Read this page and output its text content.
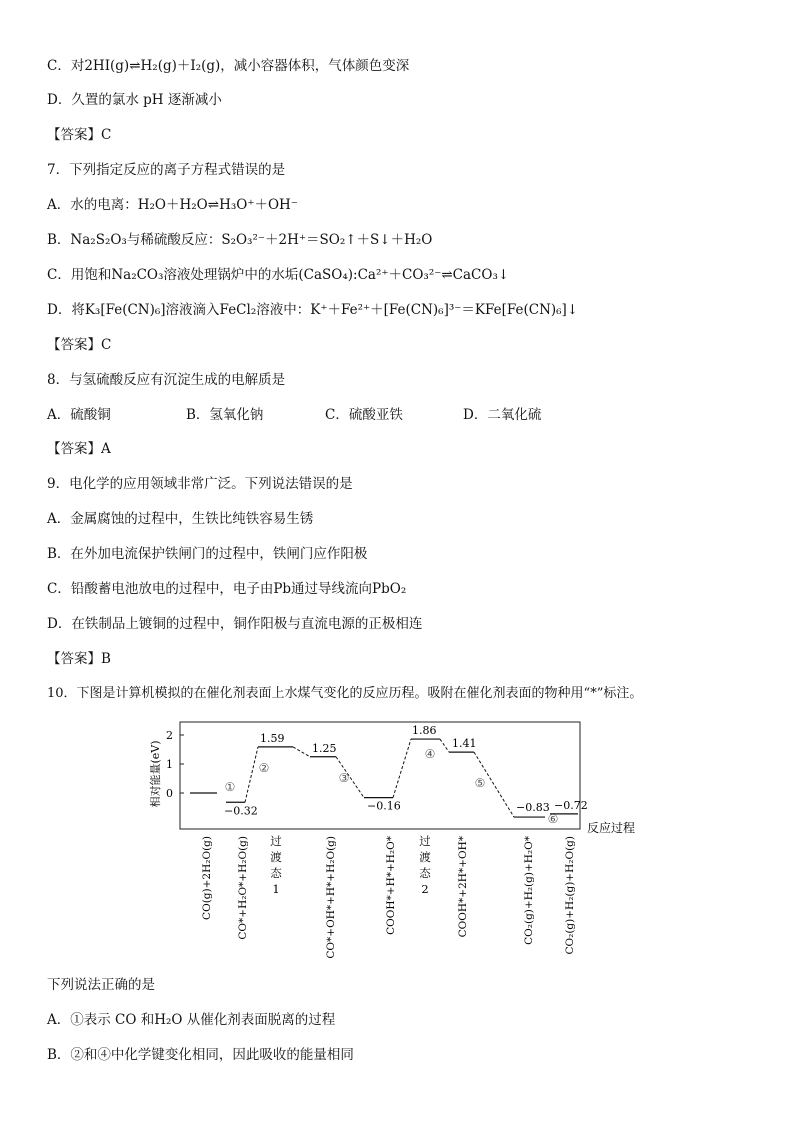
C．对2HI(g)⇌H₂(g)＋I₂(g)，减小容器体积，气体颜色变深
D．久置的氯水 pH 逐渐减小
【答案】C
7．下列指定反应的离子方程式错误的是
A．水的电离：H₂O＋H₂O⇌H₃O⁺＋OH⁻
B．Na₂S₂O₃与稀硫酸反应：S₂O₃²⁻＋2H⁺＝SO₂↑＋S↓＋H₂O
C．用饱和Na₂CO₃溶液处理锅炉中的水垢(CaSO₄):Ca²⁺＋CO₃²⁻⇌CaCO₃↓
D．将K₃[Fe(CN)₆]溶液滴入FeCl₂溶液中：K⁺＋Fe²⁺＋[Fe(CN)₆]³⁻＝KFe[Fe(CN)₆]↓
【答案】C
8．与氢硫酸反应有沉淀生成的电解质是
A．硫酸铜	B．氢氧化钠	C．硫酸亚铁	D．二氧化硫
【答案】A
9．电化学的应用领域非常广泛。下列说法错误的是
A．金属腐蚀的过程中，生铁比纯铁容易生锈
B．在外加电流保护铁闸门的过程中，铁闸门应作阳极
C．铅酸蓄电池放电的过程中，电子由Pb通过导线流向PbO₂
D．在铁制品上镀铜的过程中，铜作阳极与直流电源的正极相连
【答案】B
10．下图是计算机模拟的在催化剂表面上水煤气变化的反应历程。吸附在催化剂表面的物种用“*”标注。
相对能量(eV)
反应过程
2
1
0
−0.32
1.59
1.25
−0.16
1.86
1.41
−0.83 −0.72
①
②
③
④
⑤
⑥
CO(g)+2H₂O(g) CO*+H₂O*+H₂O(g) 过
渡
态
1	CO*+OH*+H*+H₂O(g)	COOH*+H*+H₂O* 过
渡
态
2	COOH*+2H*+OH*	CO₂(g)+H₂(g)+H₂O*	CO₂(g)+H₂(g)+H₂O(g)
下列说法正确的是
A．①表示 CO 和H₂O 从催化剂表面脱离的过程
B．②和④中化学键变化相同，因此吸收的能量相同
